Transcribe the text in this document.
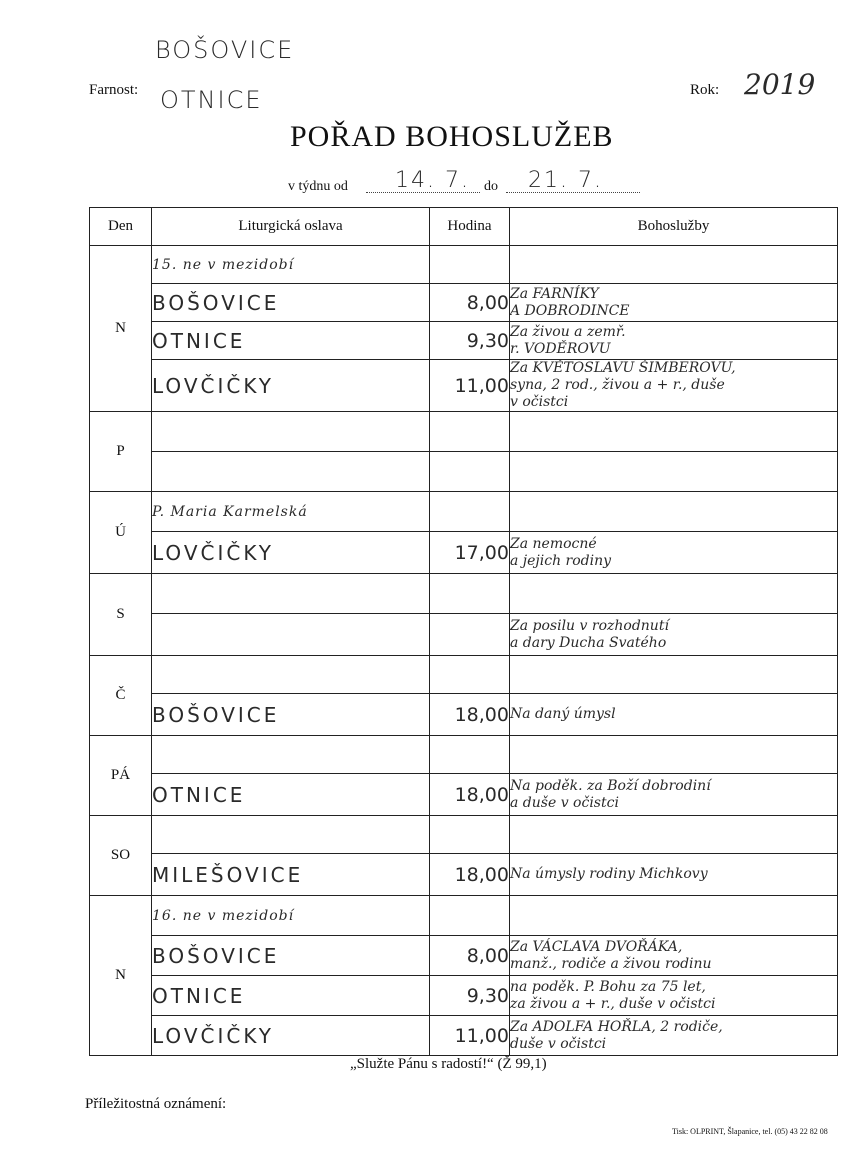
BOŠOVICE
Farnost: OTNICE	Rok: 2019
POŘAD BOHOSLUŽEB
v týdnu od 14. 7. do 21. 7.
Den	Liturgická oslava	Hodina	Bohoslužby
N	15. ne v mezidobí		
	BOŠOVICE	8,00	Za FARNÍKY
A DOBRODINCE
	OTNICE	9,30	Za živou a zemř.
r. VODĚROVU
	LOVČIČKY	11,00	Za KVĚTOSLAVU ŠIMBEROVU,
syna, 2 rod., živou a + r., duše
v očistci
P			

Ú	P. Maria Karmelská		
	LOVČIČKY	17,00	Za nemocné
a jejich rodiny
S			
			Za posilu v rozhodnutí
a dary Ducha Svatého
Č			
	BOŠOVICE	18,00	Na daný úmysl
PÁ			
	OTNICE	18,00	Na poděk. za Boží dobrodiní
a duše v očistci
SO			
	MILEŠOVICE	18,00	Na úmysly rodiny Michkovy
N	16. ne v mezidobí		
	BOŠOVICE	8,00	Za VÁCLAVA DVOŘÁKA,
manž., rodiče a živou rodinu
	OTNICE	9,30	na poděk. P. Bohu za 75 let,
za živou a + r., duše v očistci
	LOVČIČKY	11,00	Za ADOLFA HOŘLA, 2 rodiče,
duše v očistci
„Služte Pánu s radostí!“ (Ž 99,1)
Příležitostná oznámení:
Tisk: OLPRINT, Šlapanice, tel. (05) 43 22 82 08
